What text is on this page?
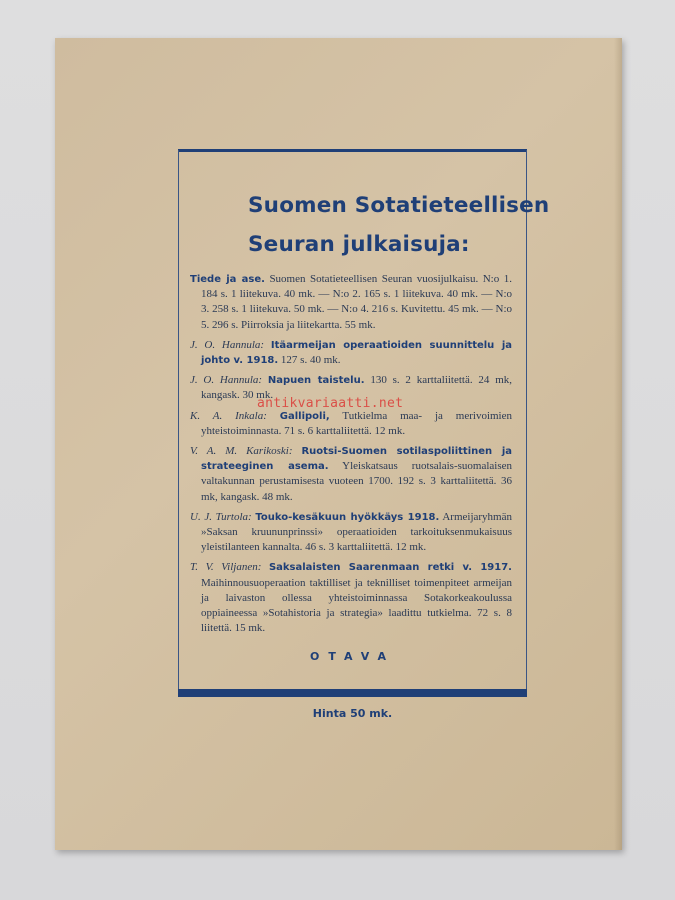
Suomen Sotatieteellisen
Seuran julkaisuja:

Tiede ja ase. Suomen Sotatieteellisen Seuran vuosijulkaisu. N:o 1. 184 s. 1 liitekuva. 40 mk. — N:o 2. 165 s. 1 liitekuva. 40 mk. — N:o 3. 258 s. 1 liitekuva. 50 mk. — N:o 4. 216 s. Kuvitettu. 45 mk. — N:o 5. 296 s. Piirroksia ja liitekartta. 55 mk.

J. O. Hannula: Itäarmeijan operaatioiden suunnittelu ja johto v. 1918. 127 s. 40 mk.

J. O. Hannula: Napuen taistelu. 130 s. 2 karttaliitettä. 24 mk, kangask. 30 mk.

K. A. Inkala: Gallipoli, Tutkielma maa- ja merivoimien yhteistoiminnasta. 71 s. 6 karttaliitettä. 12 mk.

V. A. M. Karikoski: Ruotsi-Suomen sotilaspoliittinen ja strateeginen asema. Yleiskatsaus ruotsalais-suomalaisen valtakunnan perustamisesta vuoteen 1700. 192 s. 3 karttaliitettä. 36 mk, kangask. 48 mk.

U. J. Turtola: Touko-kesäkuun hyökkäys 1918. Armeijaryhmän »Saksan kruununprinssi» operaatioiden tarkoituksenmukaisuus yleistilanteen kannalta. 46 s. 3 karttaliitettä. 12 mk.

T. V. Viljanen: Saksalaisten Saarenmaan retki v. 1917. Maihinnousuoperaation taktilliset ja teknilliset toimenpiteet armeijan ja laivaston ollessa yhteistoiminnassa Sotakorkeakoulussa oppiaineessa »Sotahistoria ja strategia» laadittu tutkielma. 72 s. 8 liitettä. 15 mk.

OTAVA
Hinta 50 mk.
antikvariaatti.net
